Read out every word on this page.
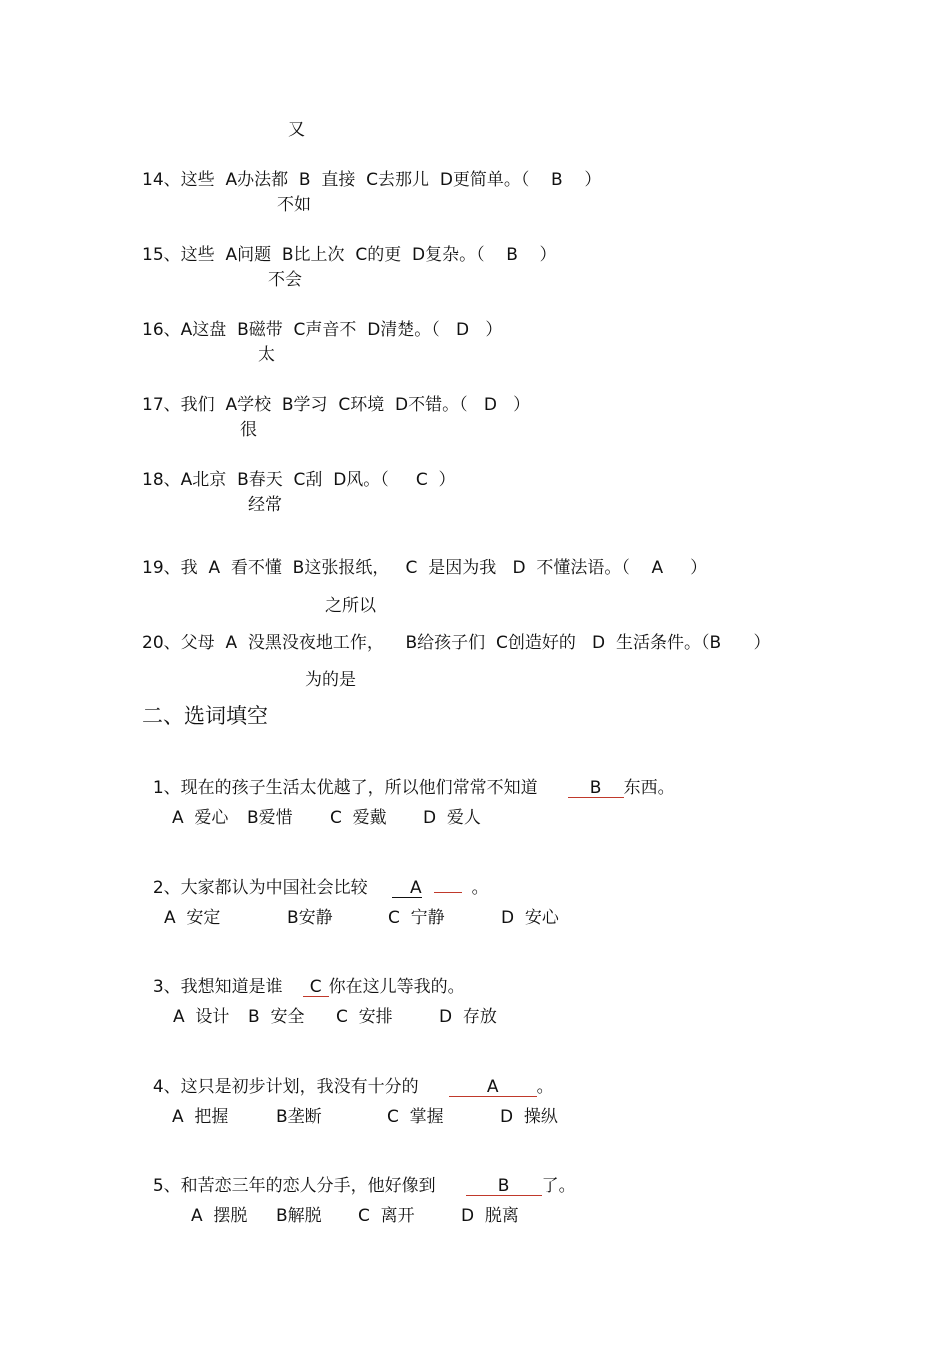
又
14、这些  A办法都  B  直接  C去那儿  D更简单。（    B    ）
不如
15、这些  A问题  B比上次  C的更  D复杂。（    B    ）
不会
16、A这盘  B磁带  C声音不  D清楚。（   D   ）
太
17、我们  A学校  B学习  C环境  D不错。（   D   ）
很
18、A北京  B春天  C刮  D风。（     C  ）
经常
19、我  A  看不懂  B这张报纸，   C  是因为我   D  不懂法语。（    A     ）
之所以
20、父母  A  没黑没夜地工作，    B给孩子们  C创造好的   D  生活条件。（B      ）
为的是
二、选词填空

1、现在的孩子生活太优越了，所以他们常常不知道	B 东西。

A  爱心 B爱惜 C  爱戴 D  爱人

2、大家都认为中国社会比较 A	。

A  安定	B安静	C  宁静	D  安心

3、我想知道是谁 C 你在这儿等我的。

A  设计 B  安全 C  安排	D  存放

4、这只是初步计划，我没有十分的	A 。

A  把握	B垄断	C  掌握	D  操纵

5、和苦恋三年的恋人分手，他好像到	B 了。

A  摆脱 B解脱 C  离开	D  脱离
